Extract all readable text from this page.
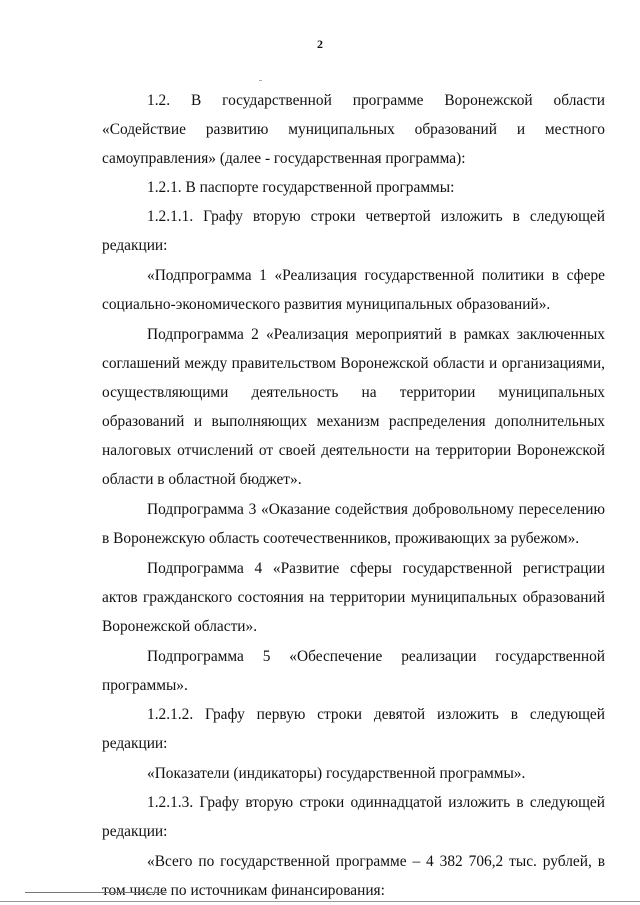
2

1.2. В государственной программе Воронежской области «Содействие развитию муниципальных образований и местного самоуправления» (далее - государственная программа):

1.2.1. В паспорте государственной программы:

1.2.1.1. Графу вторую строки четвертой изложить в следующей редакции:

«Подпрограмма 1 «Реализация государственной политики в сфере социально-экономического развития муниципальных образований».

Подпрограмма 2 «Реализация мероприятий в рамках заключенных соглашений между правительством Воронежской области и организациями, осуществляющими деятельность на территории муниципальных образований и выполняющих механизм распределения дополнительных налоговых отчислений от своей деятельности на территории Воронежской области в областной бюджет».

Подпрограмма 3 «Оказание содействия добровольному переселению в Воронежскую область соотечественников, проживающих за рубежом».

Подпрограмма 4 «Развитие сферы государственной регистрации актов гражданского состояния на территории муниципальных образований Воронежской области».

Подпрограмма 5 «Обеспечение реализации государственной программы».

1.2.1.2. Графу первую строки девятой изложить в следующей редакции:

«Показатели (индикаторы) государственной программы».

1.2.1.3. Графу вторую строки одиннадцатой изложить в следующей редакции:

«Всего по государственной программе – 4 382 706,2 тыс. рублей, в том числе по источникам финансирования:
